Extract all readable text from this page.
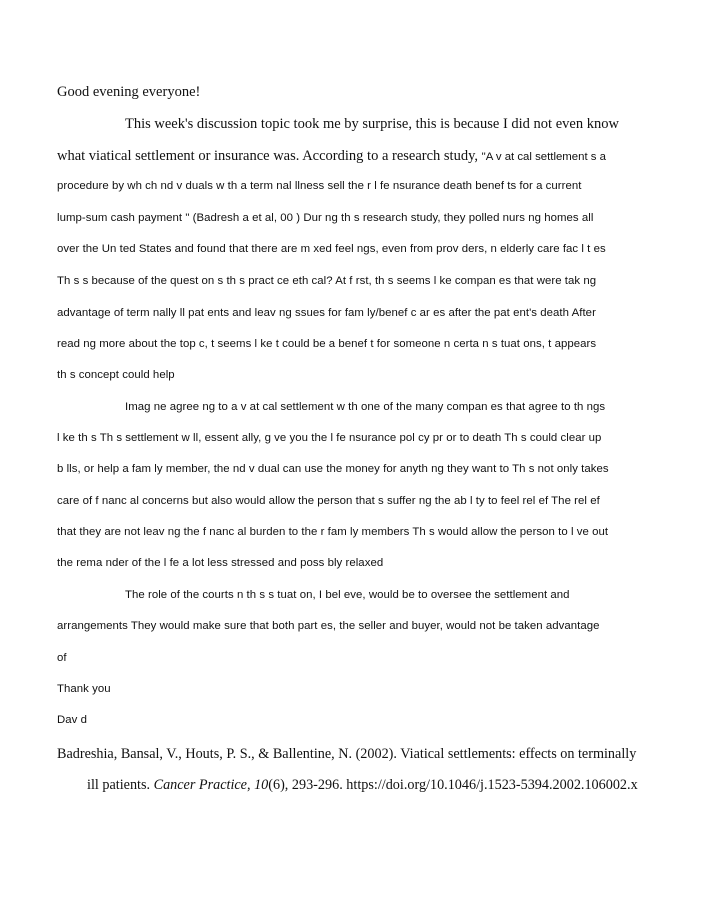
Good evening everyone!
This week's discussion topic took me by surprise, this is because I did not even know
what viatical settlement or insurance was. According to a research study, "A v at cal settlement s a
procedure by wh ch nd v duals w th a term nal llness sell the r l fe nsurance death benef ts for a current
lump-sum cash payment " (Badresh a et al, 00 ) Dur ng th s research study, they polled nurs ng homes all
over the Un ted States and found that there are m xed feel ngs, even from prov ders, n elderly care fac l t es
Th s s because of the quest on s th s pract ce eth cal? At f rst, th s seems l ke compan es that were tak ng
advantage of term nally ll pat ents and leav ng ssues for fam ly/benef c ar es after the pat ent's death After
read ng more about the top c, t seems l ke t could be a benef t for someone n certa n s tuat ons, t appears
th s concept could help
Imag ne agree ng to a v at cal settlement w th one of the many compan es that agree to th ngs
l ke th s Th s settlement w ll, essent ally, g ve you the l fe nsurance pol cy pr or to death Th s could clear up
b lls, or help a fam ly member, the nd v dual can use the money for anyth ng they want to Th s not only takes
care of f nanc al concerns but also would allow the person that s suffer ng the ab l ty to feel rel ef The rel ef
that they are not leav ng the f nanc al burden to the r fam ly members Th s would allow the person to l ve out
the rema nder of the l fe a lot less stressed and poss bly relaxed
The role of the courts n th s s tuat on, I bel eve, would be to oversee the settlement and
arrangements They would make sure that both part es, the seller and buyer, would not be taken advantage
of
Thank you
Dav d
Badreshia, Bansal, V., Houts, P. S., & Ballentine, N. (2002). Viatical settlements: effects on terminally
ill patients. Cancer Practice, 10(6), 293-296. https://doi.org/10.1046/j.1523-5394.2002.106002.x
